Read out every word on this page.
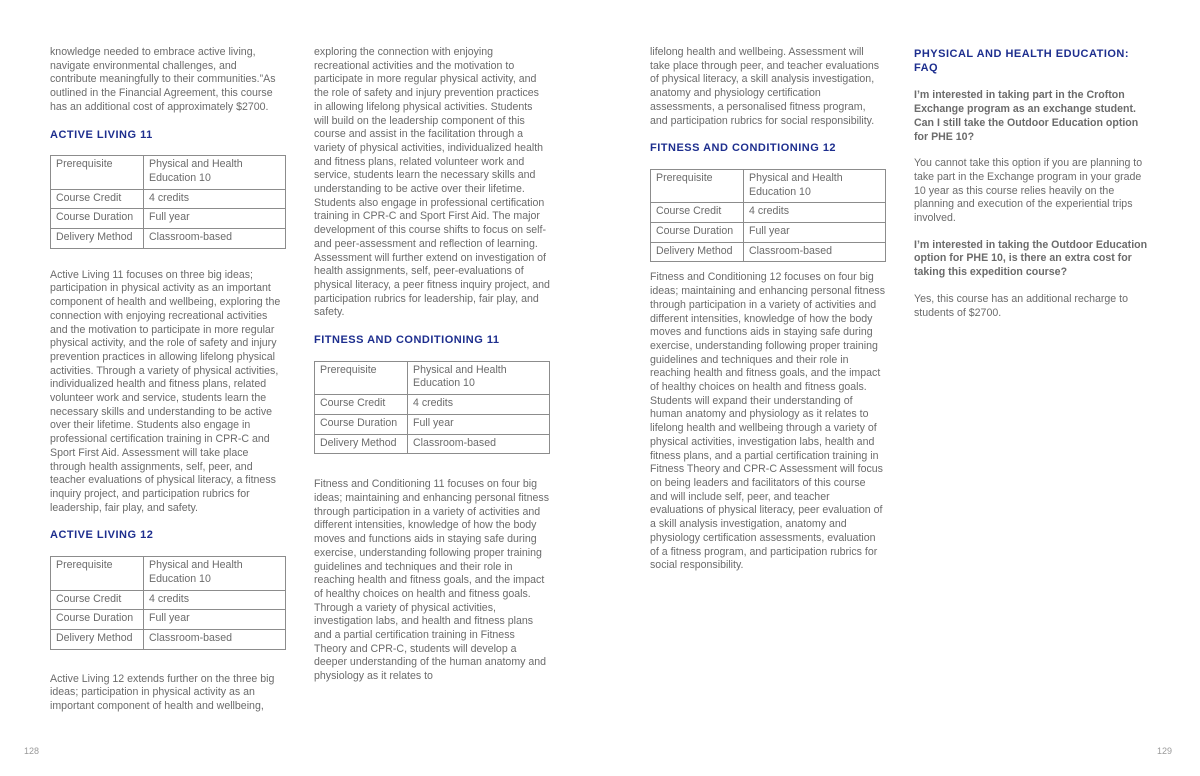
knowledge needed to embrace active living, navigate environmental challenges, and contribute meaningfully to their communities.”As outlined in the Financial Agreement, this course has an additional cost of approximately $2700.

ACTIVE LIVING 11
Prerequisite	Physical and Health Education 10
Course Credit	4 credits
Course Duration	Full year
Delivery Method	Classroom-based

Active Living 11 focuses on three big ideas; participation in physical activity as an important component of health and wellbeing, exploring the connection with enjoying recreational activities and the motivation to participate in more regular physical activity, and the role of safety and injury prevention practices in allowing lifelong physical activities. Through a variety of physical activities, individualized health and fitness plans, related volunteer work and service, students learn the necessary skills and understanding to be active over their lifetime. Students also engage in professional certification training in CPR-C and Sport First Aid. Assessment will take place through health assignments, self, peer, and teacher evaluations of physical literacy, a fitness inquiry project, and participation rubrics for leadership, fair play, and safety.

ACTIVE LIVING 12
Prerequisite	Physical and Health Education 10
Course Credit	4 credits
Course Duration	Full year
Delivery Method	Classroom-based

Active Living 12 extends further on the three big ideas; participation in physical activity as an important component of health and wellbeing,

exploring the connection with enjoying recreational activities and the motivation to participate in more regular physical activity, and the role of safety and injury prevention practices in allowing lifelong physical activities. Students will build on the leadership component of this course and assist in the facilitation through a variety of physical activities, individualized health and fitness plans, related volunteer work and service, students learn the necessary skills and understanding to be active over their lifetime. Students also engage in professional certification training in CPR-C and Sport First Aid. The major development of this course shifts to focus on self- and peer-assessment and reflection of learning. Assessment will further extend on investigation of health assignments, self, peer-evaluations of physical literacy, a peer fitness inquiry project, and participation rubrics for leadership, fair play, and safety.

FITNESS AND CONDITIONING 11
Prerequisite	Physical and Health Education 10
Course Credit	4 credits
Course Duration	Full year
Delivery Method	Classroom-based

Fitness and Conditioning 11 focuses on four big ideas; maintaining and enhancing personal fitness through participation in a variety of activities and different intensities, knowledge of how the body moves and functions aids in staying safe during exercise, understanding following proper training guidelines and techniques and their role in reaching health and fitness goals, and the impact of healthy choices on health and fitness goals. Through a variety of physical activities, investigation labs, and health and fitness plans and a partial certification training in Fitness Theory and CPR-C, students will develop a deeper understanding of the human anatomy and physiology as it relates to

lifelong health and wellbeing. Assessment will take place through peer, and teacher evaluations of physical literacy, a skill analysis investigation, anatomy and physiology certification assessments, a personalised fitness program, and participation rubrics for social responsibility.

FITNESS AND CONDITIONING 12
Prerequisite	Physical and Health Education 10
Course Credit	4 credits
Course Duration	Full year
Delivery Method	Classroom-based

Fitness and Conditioning 12 focuses on four big ideas; maintaining and enhancing personal fitness through participation in a variety of activities and different intensities, knowledge of how the body moves and functions aids in staying safe during exercise, understanding following proper training guidelines and techniques and their role in reaching health and fitness goals, and the impact of healthy choices on health and fitness goals. Students will expand their understanding of human anatomy and physiology as it relates to lifelong health and wellbeing through a variety of physical activities, investigation labs, health and fitness plans, and a partial certification training in Fitness Theory and CPR-C Assessment will focus on being leaders and facilitators of this course and will include self, peer, and teacher evaluations of physical literacy, peer evaluation of a skill analysis investigation, anatomy and physiology certification assessments, evaluation of a fitness program, and participation rubrics for social responsibility.

PHYSICAL AND HEALTH EDUCATION: FAQ

I’m interested in taking part in the Crofton Exchange program as an exchange student. Can I still take the Outdoor Education option for PHE 10?

You cannot take this option if you are planning to take part in the Exchange program in your grade 10 year as this course relies heavily on the planning and execution of the experiential trips involved.

I’m interested in taking the Outdoor Education option for PHE 10, is there an extra cost for taking this expedition course?

Yes, this course has an additional recharge to students of $2700.

128	129
